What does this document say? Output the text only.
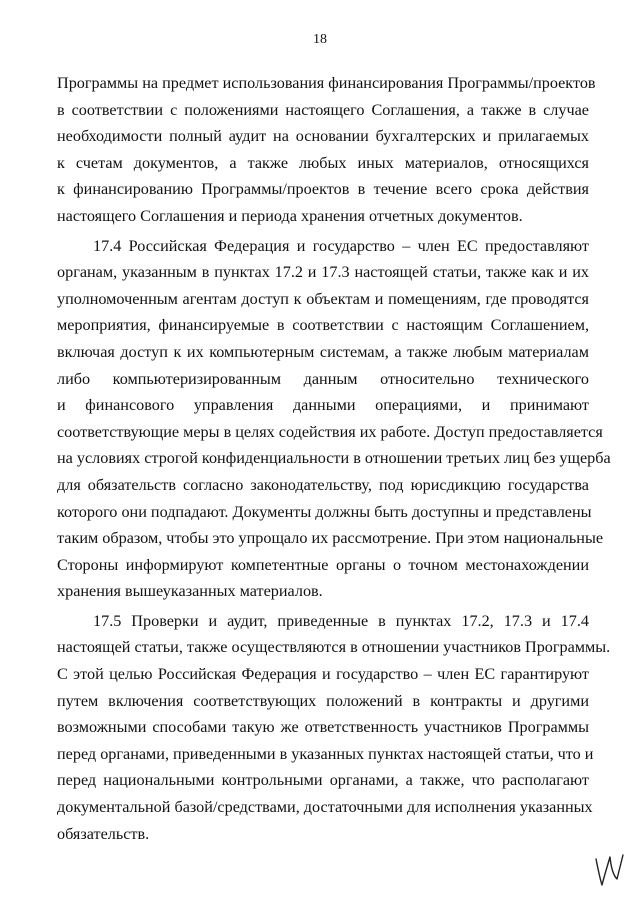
18
Программы на предмет использования финансирования Программы/проектов
в соответствии с положениями настоящего Соглашения, а также в случае
необходимости полный аудит на основании бухгалтерских и прилагаемых
к счетам документов, а также любых иных материалов, относящихся
к финансированию Программы/проектов в течение всего срока действия
настоящего Соглашения и периода хранения отчетных документов.
17.4 Российская Федерация и государство – член ЕС предоставляют
органам, указанным в пунктах 17.2 и 17.3 настоящей статьи, также как и их
уполномоченным агентам доступ к объектам и помещениям, где проводятся
мероприятия, финансируемые в соответствии с настоящим Соглашением,
включая доступ к их компьютерным системам, а также любым материалам
либо компьютеризированным данным относительно технического
и финансового управления данными операциями, и принимают
соответствующие меры в целях содействия их работе. Доступ предоставляется
на условиях строгой конфиденциальности в отношении третьих лиц без ущерба
для обязательств согласно законодательству, под юрисдикцию государства
которого они подпадают. Документы должны быть доступны и представлены
таким образом, чтобы это упрощало их рассмотрение. При этом национальные
Стороны информируют компетентные органы о точном местонахождении
хранения вышеуказанных материалов.
17.5 Проверки и аудит, приведенные в пунктах 17.2, 17.3 и 17.4
настоящей статьи, также осуществляются в отношении участников Программы.
С этой целью Российская Федерация и государство – член ЕС гарантируют
путем включения соответствующих положений в контракты и другими
возможными способами такую же ответственность участников Программы
перед органами, приведенными в указанных пунктах настоящей статьи, что и
перед национальными контрольными органами, а также, что располагают
документальной базой/средствами, достаточными для исполнения указанных
обязательств.
